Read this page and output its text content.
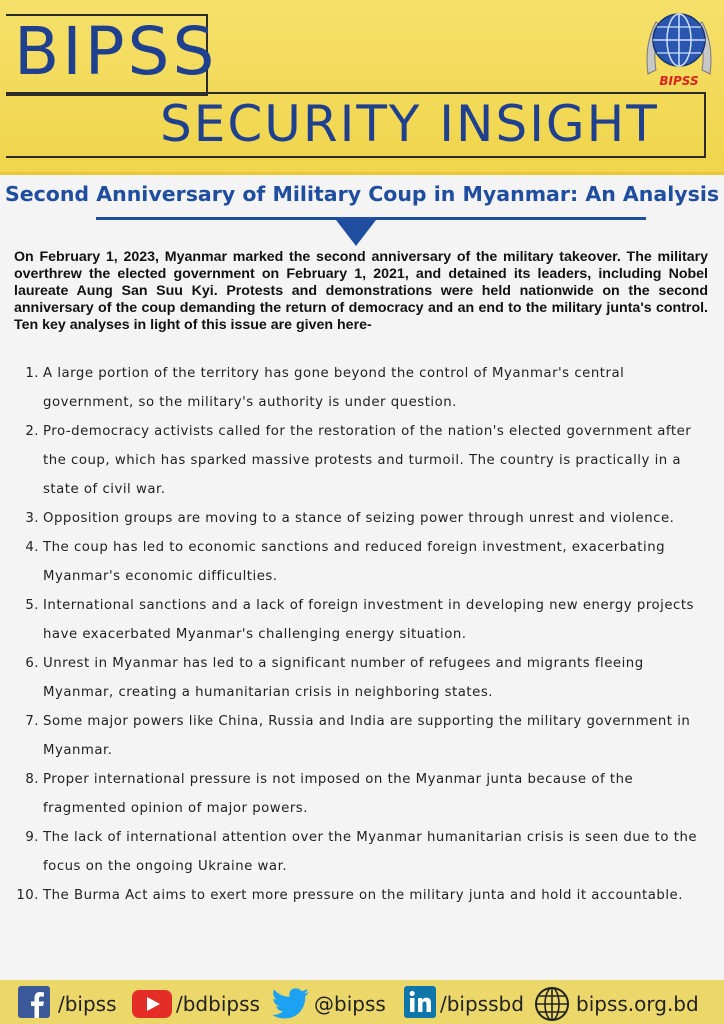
BIPSS
SECURITY INSIGHT
BIPSS
Second Anniversary of Military Coup in Myanmar: An Analysis
On February 1, 2023, Myanmar marked the second anniversary of the military takeover. The military overthrew the elected government on February 1, 2021, and detained its leaders, including Nobel laureate Aung San Suu Kyi. Protests and demonstrations were held nationwide on the second anniversary of the coup demanding the return of democracy and an end to the military junta's control. Ten key analyses in light of this issue are given here-
1. A large portion of the territory has gone beyond the control of Myanmar's central government, so the military's authority is under question.
2. Pro-democracy activists called for the restoration of the nation's elected government after the coup, which has sparked massive protests and turmoil. The country is practically in a state of civil war.
3. Opposition groups are moving to a stance of seizing power through unrest and violence.
4. The coup has led to economic sanctions and reduced foreign investment, exacerbating Myanmar's economic difficulties.
5. International sanctions and a lack of foreign investment in developing new energy projects have exacerbated Myanmar's challenging energy situation.
6. Unrest in Myanmar has led to a significant number of refugees and migrants fleeing Myanmar, creating a humanitarian crisis in neighboring states.
7. Some major powers like China, Russia and India are supporting the military government in Myanmar.
8. Proper international pressure is not imposed on the Myanmar junta because of the fragmented opinion of major powers.
9. The lack of international attention over the Myanmar humanitarian crisis is seen due to the focus on the ongoing Ukraine war.
10. The Burma Act aims to exert more pressure on the military junta and hold it accountable.
/bipss	/bdbipss	@bipss	/bipssbd	bipss.org.bd
